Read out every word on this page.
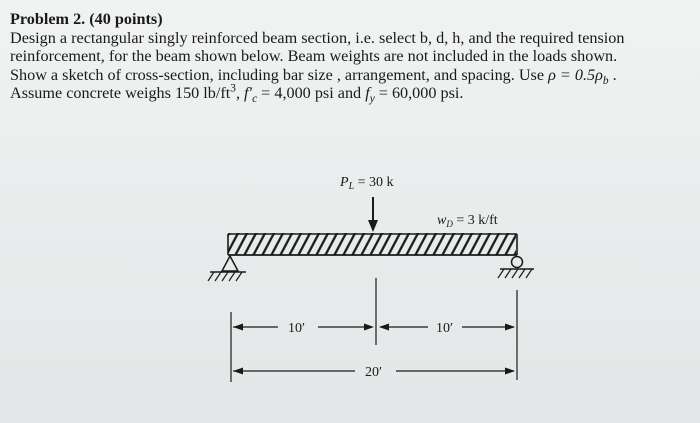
Problem 2. (40 points)
Design a rectangular singly reinforced beam section, i.e. select b, d, h, and the required tension
reinforcement, for the beam shown below. Beam weights are not included in the loads shown.
Show a sketch of cross-section, including bar size , arrangement, and spacing. Use $\rho = 0.5\rho_b$ .
Assume concrete weighs 150 $lb/ft^3$, $f'_c = 4,000$ psi and $f_y = 60,000$ psi.
$P_L = 30$ k
$w_D = 3$ k/ft
10′	10′
20′
